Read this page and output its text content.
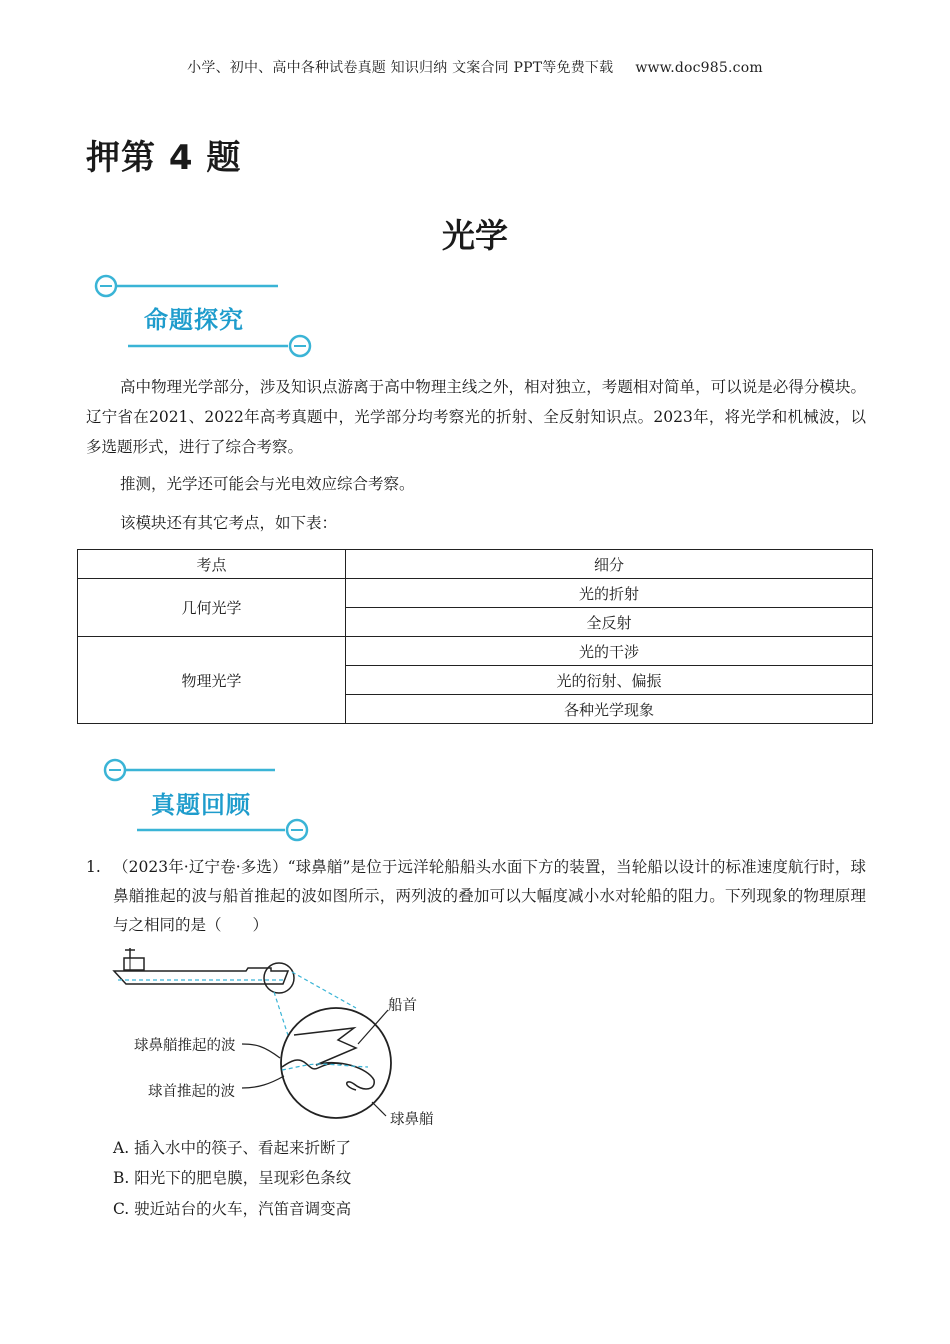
小学、初中、高中各种试卷真题 知识归纳 文案合同 PPT等免费下载 www.doc985.com
押第 4 题
光学
命题探究
高中物理光学部分，涉及知识点游离于高中物理主线之外，相对独立，考题相对简单，可以说是必得分模块。辽宁省在2021、2022年高考真题中，光学部分均考察光的折射、全反射知识点。2023年，将光学和机械波，以多选题形式，进行了综合考察。
推测，光学还可能会与光电效应综合考察。
该模块还有其它考点，如下表：
考点	细分
几何光学	光的折射
	全反射
物理光学	光的干涉
	光的衍射、偏振
	各种光学现象
真题回顾
1. （2023年·辽宁卷·多选）“球鼻艏”是位于远洋轮船船头水面下方的装置，当轮船以设计的标准速度航行时，球鼻艏推起的波与船首推起的波如图所示，两列波的叠加可以大幅度减小水对轮船的阻力。下列现象的物理原理与之相同的是（　　）
船首
球鼻艏推起的波
球首推起的波
球鼻艏
A. 插入水中的筷子、看起来折断了
B. 阳光下的肥皂膜，呈现彩色条纹
C. 驶近站台的火车，汽笛音调变高
